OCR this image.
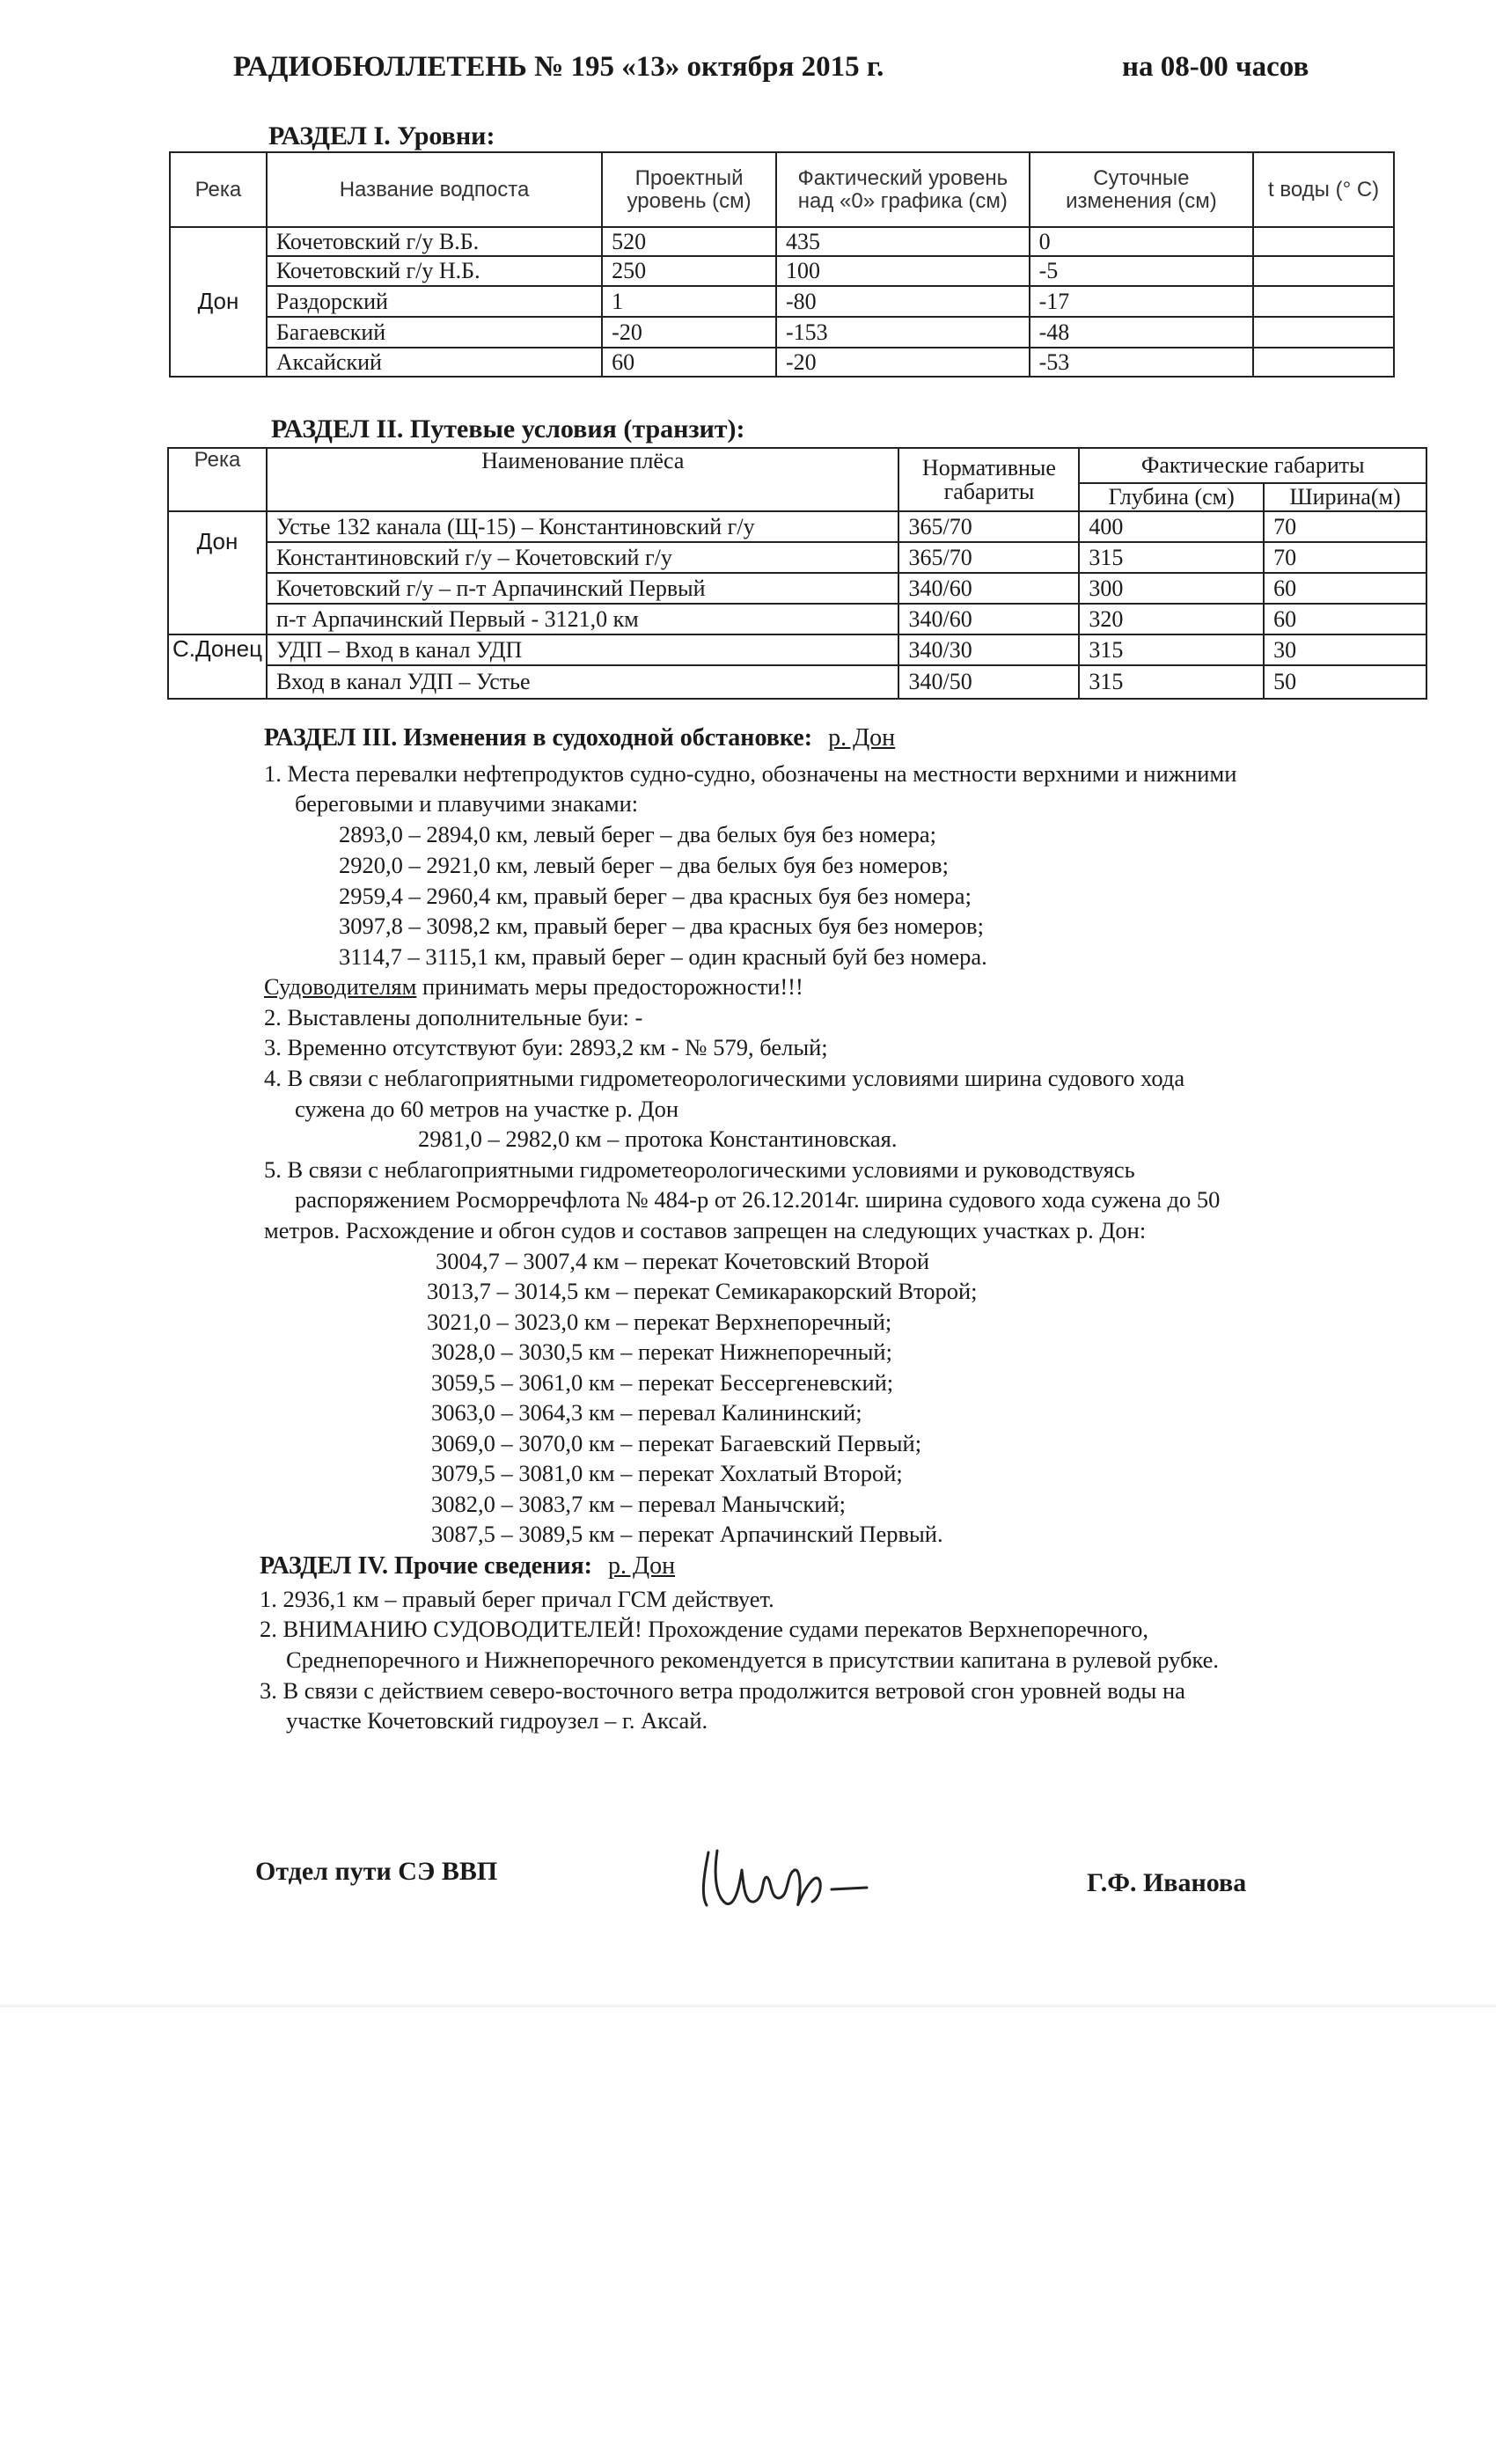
РАДИОБЮЛЛЕТЕНЬ № 195 «13» октября 2015 г.	на 08-00 часов
РАЗДЕЛ I. Уровни:
Река	Название водпоста	Проектный уровень (см)	Фактический уровень над «0» графика (см)	Суточные изменения (см)	t воды (° С)
Дон	Кочетовский г/у В.Б.	520	435	0	
	Кочетовский г/у Н.Б.	250	100	-5	
	Раздорский	1	-80	-17	
	Багаевский	-20	-153	-48	
	Аксайский	60	-20	-53	
РАЗДЕЛ II. Путевые условия (транзит):
Река	Наименование плёса	Нормативные габариты	Фактические габариты	
			Глубина (см)	Ширина(м)
Дон	Устье 132 канала (Щ-15) – Константиновский г/у	365/70	400	70
	Константиновский г/у – Кочетовский г/у	365/70	315	70
	Кочетовский г/у – п-т Арпачинский Первый	340/60	300	60
	п-т Арпачинский Первый - 3121,0 км	340/60	320	60
С.Донец	УДП – Вход в канал УДП	340/30	315	30
	Вход в канал УДП – Устье	340/50	315	50
РАЗДЕЛ III. Изменения в судоходной обстановке: р. Дон
1. Места перевалки нефтепродуктов судно-судно, обозначены на местности верхними и нижними
береговыми и плавучими знаками:
2893,0 – 2894,0 км, левый берег – два белых буя без номера;
2920,0 – 2921,0 км, левый берег – два белых буя без номеров;
2959,4 – 2960,4 км, правый берег – два красных буя без номера;
3097,8 – 3098,2 км, правый берег – два красных буя без номеров;
3114,7 – 3115,1 км, правый берег – один красный буй без номера.
Судоводителям принимать меры предосторожности!!!
2. Выставлены дополнительные буи: -
3. Временно отсутствуют буи: 2893,2 км - № 579, белый;
4. В связи с неблагоприятными гидрометеорологическими условиями ширина судового хода
сужена до 60 метров на участке р. Дон
2981,0 – 2982,0 км – протока Константиновская.
5. В связи с неблагоприятными гидрометеорологическими условиями и руководствуясь
распоряжением Росморречфлота № 484-р от 26.12.2014г. ширина судового хода сужена до 50
метров. Расхождение и обгон судов и составов запрещен на следующих участках р. Дон:
3004,7 – 3007,4 км – перекат Кочетовский Второй
3013,7 – 3014,5 км – перекат Семикаракорский Второй;
3021,0 – 3023,0 км – перекат Верхнепоречный;
3028,0 – 3030,5 км – перекат Нижнепоречный;
3059,5 – 3061,0 км – перекат Бессергеневский;
3063,0 – 3064,3 км – перевал Калининский;
3069,0 – 3070,0 км – перекат Багаевский Первый;
3079,5 – 3081,0 км – перекат Хохлатый Второй;
3082,0 – 3083,7 км – перевал Манычский;
3087,5 – 3089,5 км – перекат Арпачинский Первый.
РАЗДЕЛ IV. Прочие сведения: р. Дон
1. 2936,1 км – правый берег причал ГСМ действует.
2. ВНИМАНИЮ СУДОВОДИТЕЛЕЙ! Прохождение судами перекатов Верхнепоречного,
Среднепоречного и Нижнепоречного рекомендуется в присутствии капитана в рулевой рубке.
3. В связи с действием северо-восточного ветра продолжится ветровой сгон уровней воды на
участке Кочетовский гидроузел – г. Аксай.
Отдел пути СЭ ВВП	Г.Ф. Иванова
